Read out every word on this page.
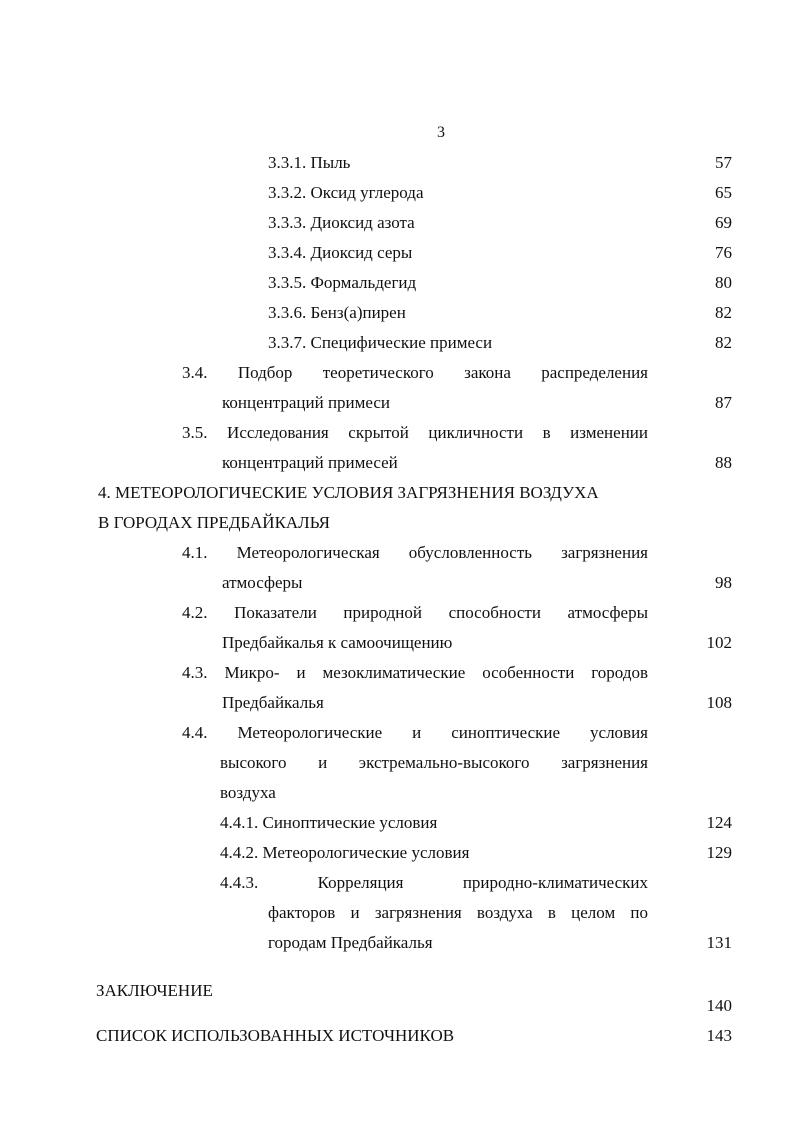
3
3.3.1. Пыль	57
3.3.2. Оксид углерода	65
3.3.3. Диоксид азота	69
3.3.4. Диоксид серы	76
3.3.5. Формальдегид	80
3.3.6. Бенз(а)пирен	82
3.3.7. Специфические примеси	82
3.4. Подбор теоретического закона распределения
концентраций примеси	87
3.5. Исследования скрытой цикличности в изменении
концентраций примесей	88
4. МЕТЕОРОЛОГИЧЕСКИЕ УСЛОВИЯ ЗАГРЯЗНЕНИЯ ВОЗДУХА
В ГОРОДАХ ПРЕДБАЙКАЛЬЯ
4.1. Метеорологическая обусловленность загрязнения
атмосферы	98
4.2. Показатели природной способности атмосферы
Предбайкалья к самоочищению	102
4.3. Микро- и мезоклиматические особенности городов
Предбайкалья	108
4.4. Метеорологические и синоптические условия
высокого и экстремально-высокого загрязнения
воздуха
4.4.1. Синоптические условия	124
4.4.2. Метеорологические условия	129
4.4.3. Корреляция природно-климатических
факторов и загрязнения воздуха в целом по
городам Предбайкалья	131
ЗАКЛЮЧЕНИЕ
140
СПИСОК ИСПОЛЬЗОВАННЫХ ИСТОЧНИКОВ	143
